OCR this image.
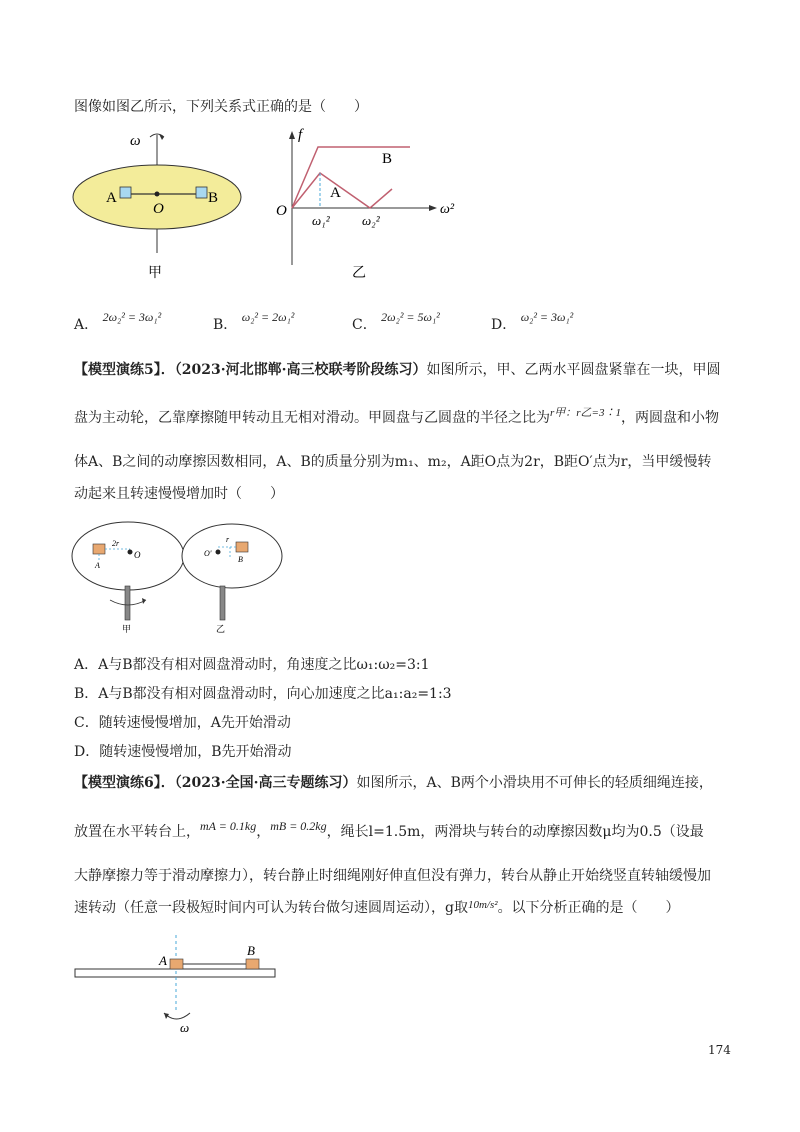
图像如图乙所示，下列关系式正确的是（　　）
ω
A	B
O
甲
f
O
B
A
ω₁² ω₂²
ω²
乙
A． 2ω₂² = 3ω₁²	B． ω₂² = 2ω₁²	C． 2ω₂² = 5ω₁²	D． ω₂² = 3ω₁²
【模型演练5】．（2023·河北邯郸·高三校联考阶段练习）如图所示，甲、乙两水平圆盘紧靠在一块，甲圆
盘为主动轮，乙靠摩擦随甲转动且无相对滑动。甲圆盘与乙圆盘的半径之比为$^{r甲:r乙=3∶1}$，两圆盘和小物
体A、B之间的动摩擦因数相同，A、B的质量分别为m₁、m₂，A距O点为2r，B距O′点为r，当甲缓慢转
动起来且转速慢慢增加时（　　）
2r
O
A
O'
r
B
甲	乙
A．A与B都没有相对圆盘滑动时，角速度之比ω₁:ω₂=3:1
B．A与B都没有相对圆盘滑动时，向心加速度之比a₁:a₂=1:3
C．随转速慢慢增加，A先开始滑动
D．随转速慢慢增加，B先开始滑动
【模型演练6】．（2023·全国·高三专题练习）如图所示，A、B两个小滑块用不可伸长的轻质细绳连接，
放置在水平转台上，mA = 0.1kg，mB = 0.2kg，绳长l=1.5m，两滑块与转台的动摩擦因数μ均为0.5（设最
大静摩擦力等于滑动摩擦力），转台静止时细绳刚好伸直但没有弹力，转台从静止开始绕竖直转轴缓慢加
速转动（任意一段极短时间内可认为转台做匀速圆周运动），g取$^{10m/s^2}$。以下分析正确的是（　　）
A
B
ω
174
